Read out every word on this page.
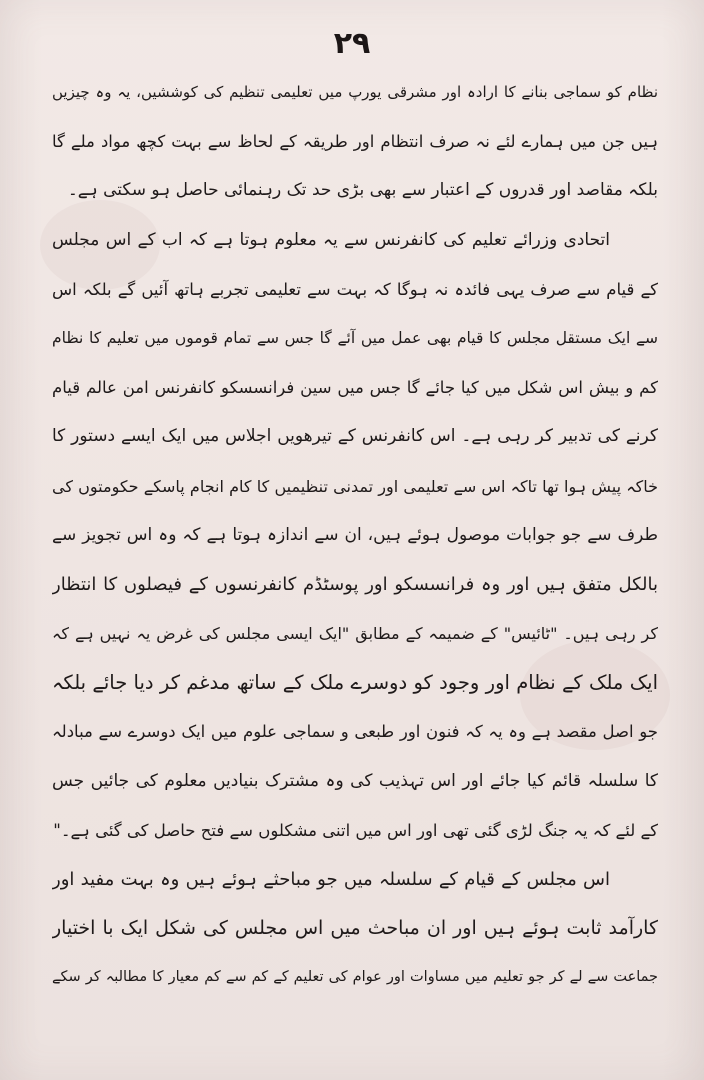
۲۹
نظام کو سماجی بنانے کا ارادہ اور مشرقی یورپ میں تعلیمی تنظیم کی کوششیں، یہ وہ چیزیں
ہیں جن میں ہمارے لئے نہ صرف انتظام اور طریقہ کے لحاظ سے بہت کچھ مواد ملے گا
بلکہ مقاصد اور قدروں کے اعتبار سے بھی بڑی حد تک رہنمائی حاصل ہو سکتی ہے۔
اتحادی وزرائے تعلیم کی کانفرنس سے یہ معلوم ہوتا ہے کہ اب کے اس مجلس
کے قیام سے صرف یہی فائدہ نہ ہوگا کہ بہت سے تعلیمی تجربے ہاتھ آئیں گے بلکہ اس
سے ایک مستقل مجلس کا قیام بھی عمل میں آئے گا جس سے تمام قوموں میں تعلیم کا نظام
کم و بیش اس شکل میں کیا جائے گا جس میں سین فرانسسکو کانفرنس امن عالم قیام
کرنے کی تدبیر کر رہی ہے۔ اس کانفرنس کے تیرھویں اجلاس میں ایک ایسے دستور کا
خاکہ پیش ہوا تھا تاکہ اس سے تعلیمی اور تمدنی تنظیمیں کا کام انجام پاسکے حکومتوں کی
طرف سے جو جوابات موصول ہوئے ہیں، ان سے اندازہ ہوتا ہے کہ وہ اس تجویز سے
بالکل متفق ہیں اور وہ فرانسسکو اور پوسٹڈم کانفرنسوں کے فیصلوں کا انتظار
کر رہی ہیں۔ "ٹائیس" کے ضمیمہ کے مطابق "ایک ایسی مجلس کی غرض یہ نہیں ہے کہ
ایک ملک کے نظام اور وجود کو دوسرے ملک کے ساتھ مدغم کر دیا جائے بلکہ
جو اصل مقصد ہے وہ یہ کہ فنون اور طبعی و سماجی علوم میں ایک دوسرے سے مبادلہ
کا سلسلہ قائم کیا جائے اور اس تہذیب کی وہ مشترک بنیادیں معلوم کی جائیں جس
کے لئے کہ یہ جنگ لڑی گئی تھی اور اس میں اتنی مشکلوں سے فتح حاصل کی گئی ہے۔"
اس مجلس کے قیام کے سلسلہ میں جو مباحثے ہوئے ہیں وہ بہت مفید اور
کارآمد ثابت ہوئے ہیں اور ان مباحث میں اس مجلس کی شکل ایک با اختیار
جماعت سے لے کر جو تعلیم میں مساوات اور عوام کی تعلیم کے کم سے کم معیار کا مطالبہ کر سکے
